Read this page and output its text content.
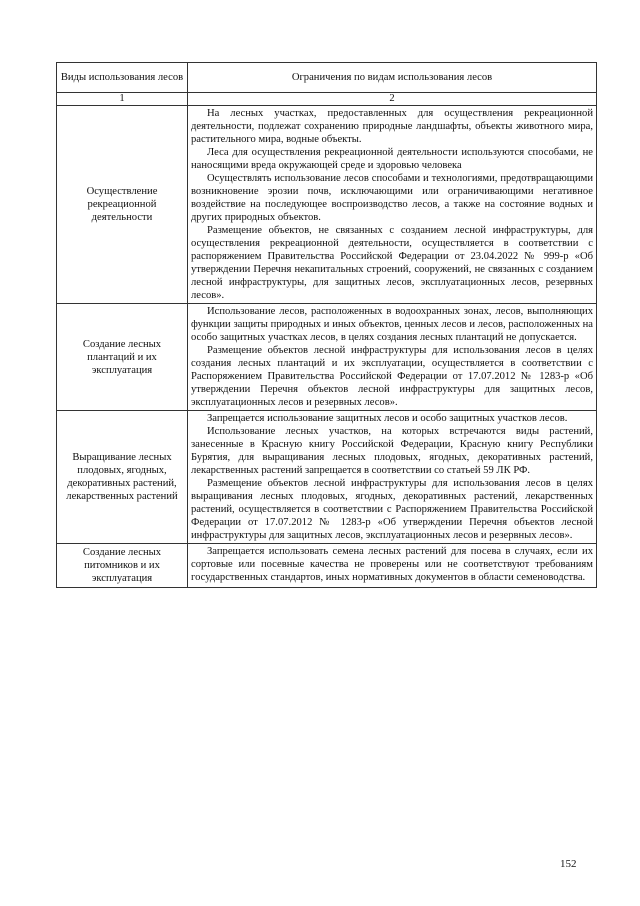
Виды использования лесов	Ограничения по видам использования лесов
1	2
Осуществление рекреационной деятельности	На лесных участках, предоставленных для осуществления рекреационной деятельности, подлежат сохранению природные ландшафты, объекты животного мира, растительного мира, водные объекты.

Леса для осуществления рекреационной деятельности используются способами, не наносящими вреда окружающей среде и здоровью человека

Осуществлять использование лесов способами и технологиями, предотвращающими возникновение эрозии почв, исключающими или ограничивающими негативное воздействие на последующее воспроизводство лесов, а также на состояние водных и других природных объектов.

Размещение объектов, не связанных с созданием лесной инфраструктуры, для осуществления рекреационной деятельности, осуществляется в соответствии с распоряжением Правительства Российской Федерации от 23.04.2022 № 999-р «Об утверждении Перечня некапитальных строений, сооружений, не связанных с созданием лесной инфраструктуры, для защитных лесов, эксплуатационных лесов, резервных лесов».

Создание лесных плантаций и их эксплуатация	Использование лесов, расположенных в водоохранных зонах, лесов, выполняющих функции защиты природных и иных объектов, ценных лесов и лесов, расположенных на особо защитных участках лесов, в целях создания лесных плантаций не допускается.

Размещение объектов лесной инфраструктуры для использования лесов в целях создания лесных плантаций и их эксплуатации, осуществляется в соответствии с Распоряжением Правительства Российской Федерации от 17.07.2012 № 1283-р «Об утверждении Перечня объектов лесной инфраструктуры для защитных лесов, эксплуатационных лесов и резервных лесов».

Выращивание лесных плодовых, ягодных, декоративных растений, лекарственных растений	Запрещается использование защитных лесов и особо защитных участков лесов.

Использование лесных участков, на которых встречаются виды растений, занесенные в Красную книгу Российской Федерации, Красную книгу Республики Бурятия, для выращивания лесных плодовых, ягодных, декоративных растений, лекарственных растений запрещается в соответствии со статьей 59 ЛК РФ.

Размещение объектов лесной инфраструктуры для использования лесов в целях выращивания лесных плодовых, ягодных, декоративных растений, лекарственных растений, осуществляется в соответствии с Распоряжением Правительства Российской Федерации от 17.07.2012 № 1283-р «Об утверждении Перечня объектов лесной инфраструктуры для защитных лесов, эксплуатационных лесов и резервных лесов».

Создание лесных питомников и их эксплуатация	Запрещается использовать семена лесных растений для посева в случаях, если их сортовые или посевные качества не проверены или не соответствуют требованиям государственных стандартов, иных нормативных документов в области семеноводства.

152
